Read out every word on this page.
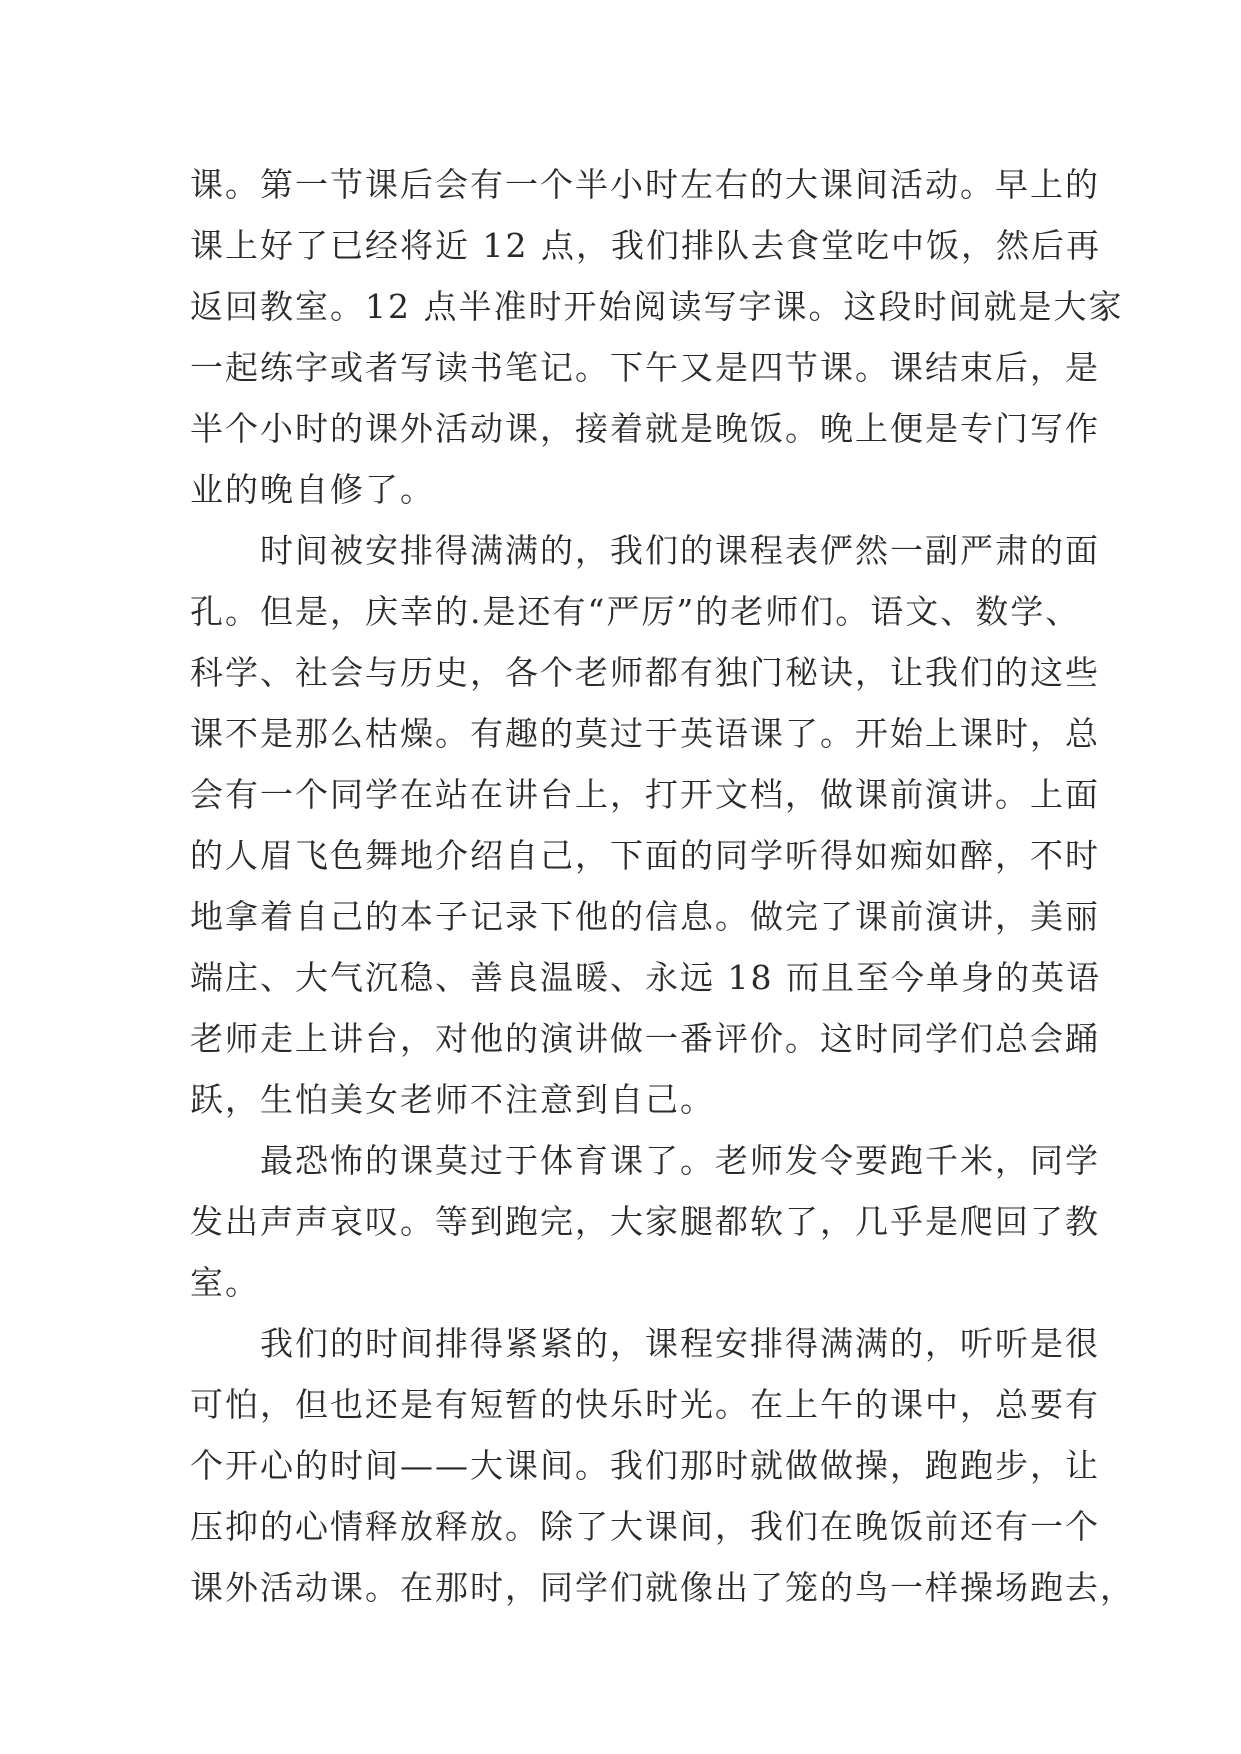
课。第一节课后会有一个半小时左右的大课间活动。早上的
课上好了已经将近 12 点，我们排队去食堂吃中饭，然后再
返回教室。12 点半准时开始阅读写字课。这段时间就是大家
一起练字或者写读书笔记。下午又是四节课。课结束后，是
半个小时的课外活动课，接着就是晚饭。晚上便是专门写作
业的晚自修了。
　　时间被安排得满满的，我们的课程表俨然一副严肃的面
孔。但是，庆幸的.是还有“严厉”的老师们。语文、数学、
科学、社会与历史，各个老师都有独门秘诀，让我们的这些
课不是那么枯燥。有趣的莫过于英语课了。开始上课时，总
会有一个同学在站在讲台上，打开文档，做课前演讲。上面
的人眉飞色舞地介绍自己，下面的同学听得如痴如醉，不时
地拿着自己的本子记录下他的信息。做完了课前演讲，美丽
端庄、大气沉稳、善良温暖、永远 18 而且至今单身的英语
老师走上讲台，对他的演讲做一番评价。这时同学们总会踊
跃，生怕美女老师不注意到自己。
　　最恐怖的课莫过于体育课了。老师发令要跑千米，同学
发出声声哀叹。等到跑完，大家腿都软了，几乎是爬回了教
室。
　　我们的时间排得紧紧的，课程安排得满满的，听听是很
可怕，但也还是有短暂的快乐时光。在上午的课中，总要有
个开心的时间——大课间。我们那时就做做操，跑跑步，让
压抑的心情释放释放。除了大课间，我们在晚饭前还有一个
课外活动课。在那时，同学们就像出了笼的鸟一样操场跑去，
